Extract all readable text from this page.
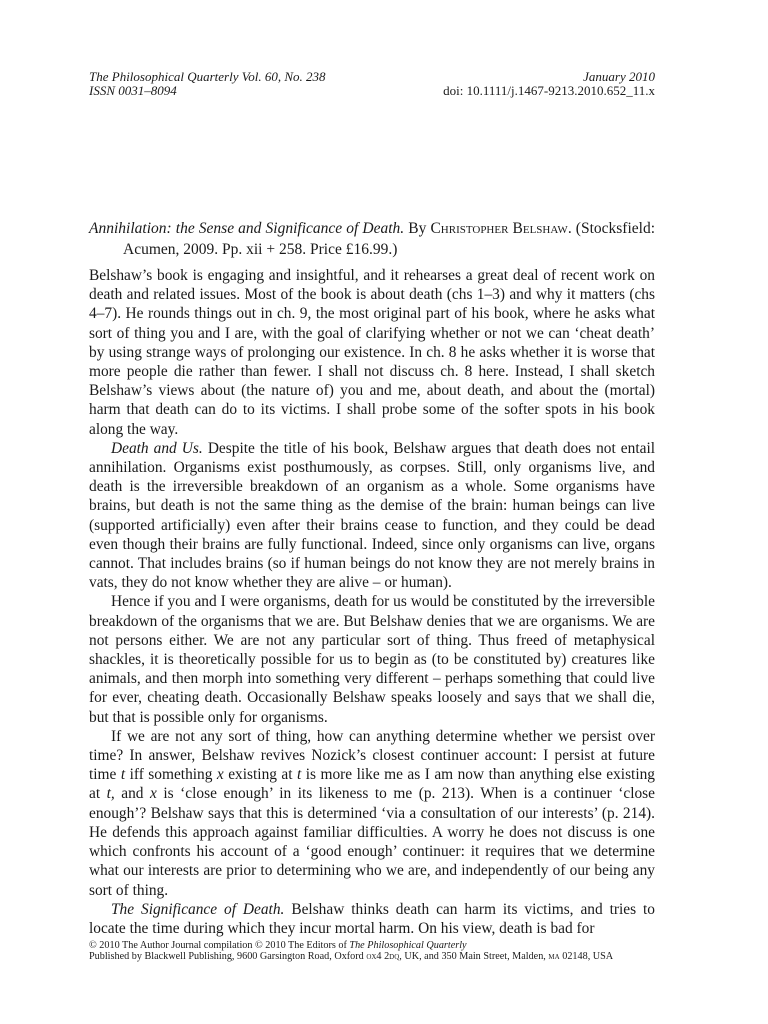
The Philosophical Quarterly Vol. 60, No. 238	January 2010
ISSN 0031–8094	doi: 10.1111/j.1467-9213.2010.652_11.x
Annihilation: the Sense and Significance of Death. By Christopher Belshaw. (Stocksfield: Acumen, 2009. Pp. xii + 258. Price £16.99.)

Belshaw’s book is engaging and insightful, and it rehearses a great deal of recent work on death and related issues. Most of the book is about death (chs 1–3) and why it matters (chs 4–7). He rounds things out in ch. 9, the most original part of his book, where he asks what sort of thing you and I are, with the goal of clarifying whether or not we can ‘cheat death’ by using strange ways of prolonging our existence. In ch. 8 he asks whether it is worse that more people die rather than fewer. I shall not discuss ch. 8 here. Instead, I shall sketch Belshaw’s views about (the nature of) you and me, about death, and about the (mortal) harm that death can do to its victims. I shall probe some of the softer spots in his book along the way.

Death and Us. Despite the title of his book, Belshaw argues that death does not entail annihilation. Organisms exist posthumously, as corpses. Still, only organisms live, and death is the irreversible breakdown of an organism as a whole. Some organisms have brains, but death is not the same thing as the demise of the brain: human beings can live (supported artificially) even after their brains cease to function, and they could be dead even though their brains are fully functional. Indeed, since only organisms can live, organs cannot. That includes brains (so if human beings do not know they are not merely brains in vats, they do not know whether they are alive – or human).

Hence if you and I were organisms, death for us would be constituted by the irreversible breakdown of the organisms that we are. But Belshaw denies that we are organisms. We are not persons either. We are not any particular sort of thing. Thus freed of metaphysical shackles, it is theoretically possible for us to begin as (to be constituted by) creatures like animals, and then morph into something very different – perhaps something that could live for ever, cheating death. Occasionally Belshaw speaks loosely and says that we shall die, but that is possible only for organisms.

If we are not any sort of thing, how can anything determine whether we persist over time? In answer, Belshaw revives Nozick’s closest continuer account: I persist at future time t iff something x existing at t is more like me as I am now than anything else existing at t, and x is ‘close enough’ in its likeness to me (p. 213). When is a continuer ‘close enough’? Belshaw says that this is determined ‘via a consultation of our interests’ (p. 214). He defends this approach against familiar difficulties. A worry he does not discuss is one which confronts his account of a ‘good enough’ continuer: it requires that we determine what our interests are prior to determining who we are, and independently of our being any sort of thing.

The Significance of Death. Belshaw thinks death can harm its victims, and tries to locate the time during which they incur mortal harm. On his view, death is bad for

© 2010 The Author Journal compilation © 2010 The Editors of The Philosophical Quarterly
Published by Blackwell Publishing, 9600 Garsington Road, Oxford ox4 2dq, UK, and 350 Main Street, Malden, ma 02148, USA
